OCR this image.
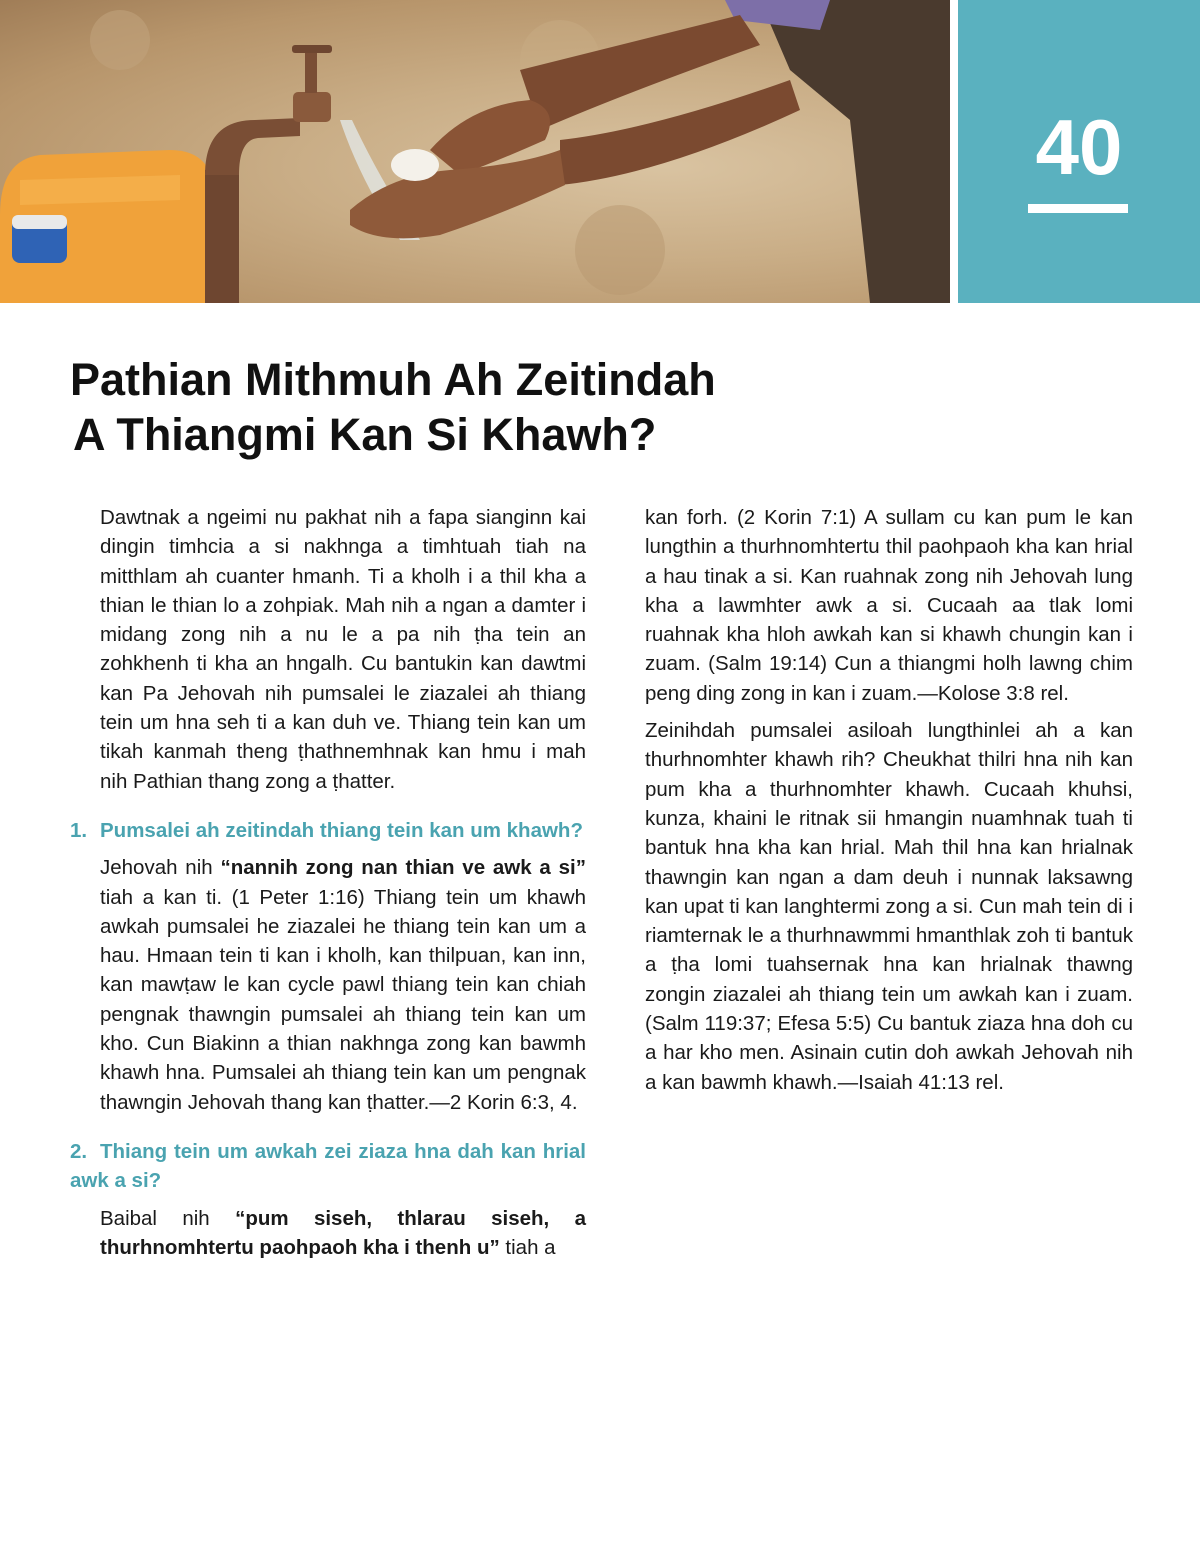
40
Pathian Mithmuh Ah Zeitindah
A Thiangmi Kan Si Khawh?

Dawtnak a ngeimi nu pakhat nih a fapa sianginn kai dingin timhcia a si nakhnga a timhtuah tiah na mitthlam ah cuanter hmanh. Ti a kholh i a thil kha a thian le thian lo a zohpiak. Mah nih a ngan a damter i midang zong nih a nu le a pa nih ṭha tein an zohkhenh ti kha an hngalh. Cu bantukin kan dawtmi kan Pa Jehovah nih pumsalei le ziazalei ah thiang tein um hna seh ti a kan duh ve. Thiang tein kan um tikah kanmah theng ṭhathnemhnak kan hmu i mah nih Pathian thang zong a ṭhatter.

1. Pumsalei ah zeitindah thiang tein kan um khawh?

Jehovah nih “nannih zong nan thian ve awk a si” tiah a kan ti. (1 Peter 1:16) Thiang tein um khawh awkah pumsalei he ziazalei he thiang tein kan um a hau. Hmaan tein ti kan i kholh, kan thilpuan, kan inn, kan mawṭaw le kan cycle pawl thiang tein kan chiah pengnak thawngin pumsalei ah thiang tein kan um kho. Cun Biakinn a thian nakhnga zong kan bawmh khawh hna. Pumsalei ah thiang tein kan um pengnak thawngin Jehovah thang kan ṭhatter.—2 Korin 6:3, 4.

2. Thiang tein um awkah zei ziaza hna dah kan hrial awk a si?

Baibal nih “pum siseh, thlarau siseh, a thurhnomhtertu paohpaoh kha i thenh u” tiah a

kan forh. (2 Korin 7:1) A sullam cu kan pum le kan lungthin a thurhnomhtertu thil paohpaoh kha kan hrial a hau tinak a si. Kan ruahnak zong nih Jehovah lung kha a lawmhter awk a si. Cucaah aa tlak lomi ruahnak kha hloh awkah kan si khawh chungin kan i zuam. (Salm 19:14) Cun a thiangmi holh lawng chim peng ding zong in kan i zuam.—Kolose 3:8 rel.

Zeinihdah pumsalei asiloah lungthinlei ah a kan thurhnomhter khawh rih? Cheukhat thilri hna nih kan pum kha a thurhnomhter khawh. Cucaah khuhsi, kunza, khaini le ritnak sii hmangin nuamhnak tuah ti bantuk hna kha kan hrial. Mah thil hna kan hrialnak thawngin kan ngan a dam deuh i nunnak laksawng kan upat ti kan langhtermi zong a si. Cun mah tein di i riamternak le a thurhnawmmi hmanthlak zoh ti bantuk a ṭha lomi tuahsernak hna kan hrialnak thawng zongin ziazalei ah thiang tein um awkah kan i zuam. (Salm 119:37; Efesa 5:5) Cu bantuk ziaza hna doh cu a har kho men. Asinain cutin doh awkah Jehovah nih a kan bawmh khawh.—Isaiah 41:13 rel.
